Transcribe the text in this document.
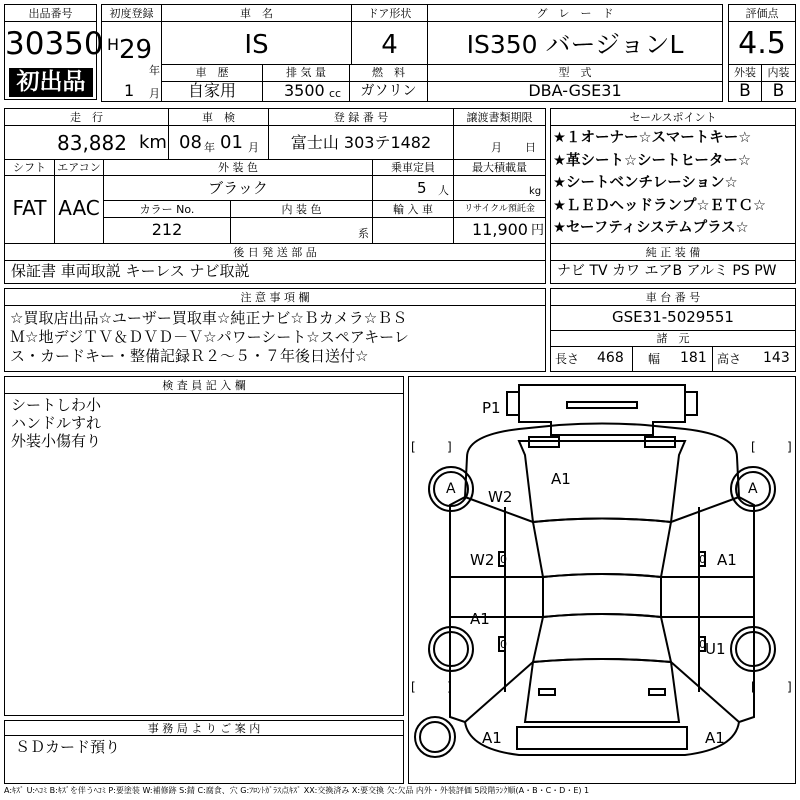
出品番号
30350
初出品
初度登録
H 29
年
1 月
車　名
IS
ドア形状
4
グ　レ　ー　ド
IS350 バージョンL
車　歴
自家用
排 気 量
3500 cc
燃　料
ガソリン
型　式
DBA-GSE31
評価点
4.5
外装	内装
B	B
走　行
83,882 km
車　検
08 年 01 月
登 録 番 号
富士山 303テ1482
譲渡書類期限
月 日
シフト
FAT
エアコン
AAC
外 装 色
ブラック
乗車定員
5 人
最大積載量
kg
カラー No.
212
内 装 色
系
輸 入 車	リサイクル預託金
11,900 円
後 日 発 送 部 品
保証書 車両取説 キーレス ナビ取説
セールスポイント
★１オーナー☆スマートキー☆
★革シート☆シートヒーター☆
★シートベンチレーション☆
★ＬＥＤヘッドランプ☆ＥＴＣ☆
★セーフティシステムプラス☆
純 正 装 備
ナビ TV カワ エアB アルミ PS PW
注 意 事 項 欄
☆買取店出品☆ユーザー買取車☆純正ナビ☆Ｂカメラ☆ＢＳ
Ｍ☆地デジＴＶ＆ＤＶＤ－Ｖ☆パワーシート☆スペアキーレ
ス・カードキー・整備記録Ｒ２～５・７年後日送付☆
車 台 番 号
GSE31-5029551
諸　元
長さ 468 幅 181 高さ 143
検 査 員 記 入 欄
シートしわ小
ハンドルすれ
外装小傷有り
事 務 局 よ り ご 案 内
ＳＤカード預り
[	]	[	]
[	]	[	]
P1
A1
A	A
W2
W2 0	0 A1
A1
0	0 U1
A1	A1
A:ｷｽﾞ U:ﾍｺﾐ B:ｷｽﾞを伴うﾍｺﾐ P:要塗装 W:補修跡 S:錆 C:腐食、穴 G:ﾌﾛﾝﾄｶﾞﾗｽ点ｷｽﾞ XX:交換済み X:要交換 欠:欠品 内外・外装評価 5段階ﾗﾝｸ順(A・B・C・D・E) 1
